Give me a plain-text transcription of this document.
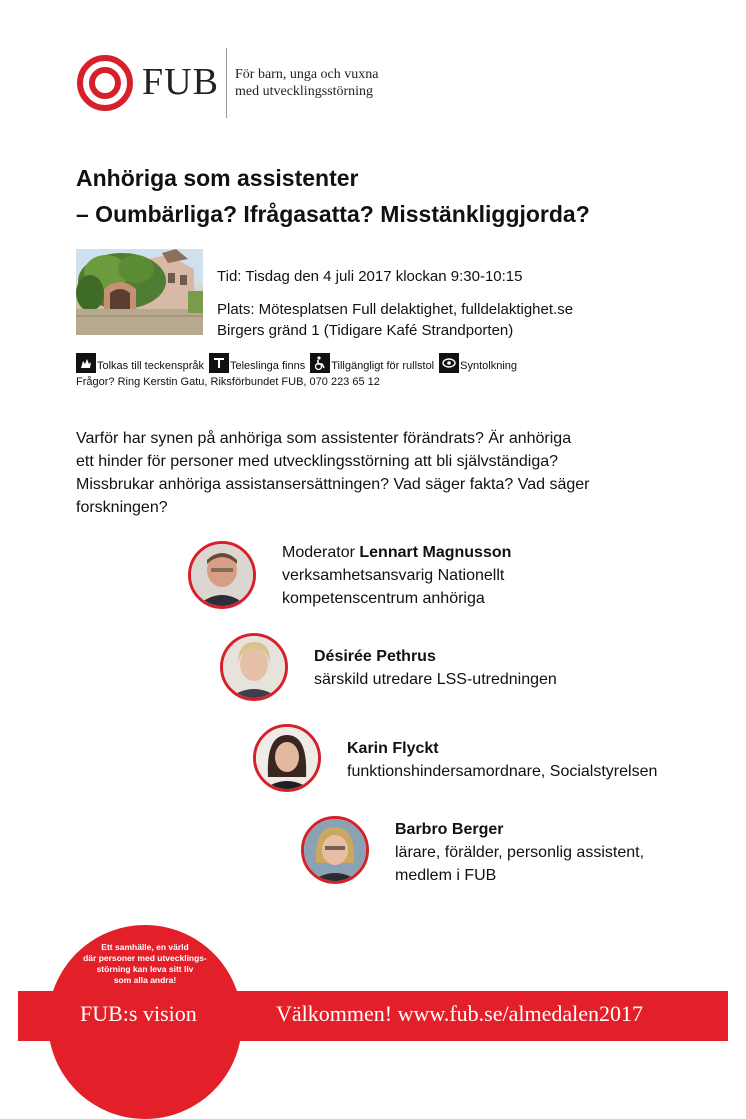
FUB För barn, unga och vuxna
med utvecklingsstörning
Anhöriga som assistenter
– Oumbärliga? Ifrågasatta? Misstänkliggjorda?
Tid: Tisdag den 4 juli 2017 klockan 9:30-10:15
Plats: Mötesplatsen Full delaktighet, fulldelaktighet.se
Birgers gränd 1 (Tidigare Kafé Strandporten)
Tolkas till teckenspråk Teleslinga finns Tillgängligt för rullstol Syntolkning
Frågor? Ring Kerstin Gatu, Riksförbundet FUB, 070 223 65 12
Varför har synen på anhöriga som assistenter förändrats? Är anhöriga
ett hinder för personer med utvecklingsstörning att bli självständiga?
Missbrukar anhöriga assistansersättningen? Vad säger fakta? Vad säger
forskningen?
Moderator Lennart Magnusson
verksamhetsansvarig Nationellt
kompetenscentrum anhöriga
Désirée Pethrus
särskild utredare LSS-utredningen
Karin Flyckt
funktionshindersamordnare, Socialstyrelsen
Barbro Berger
lärare, förälder, personlig assistent,
medlem i FUB
Ett samhälle, en värld
där personer med utvecklings-
störning kan leva sitt liv
som alla andra!
FUB:s vision	Välkommen! www.fub.se/almedalen2017
